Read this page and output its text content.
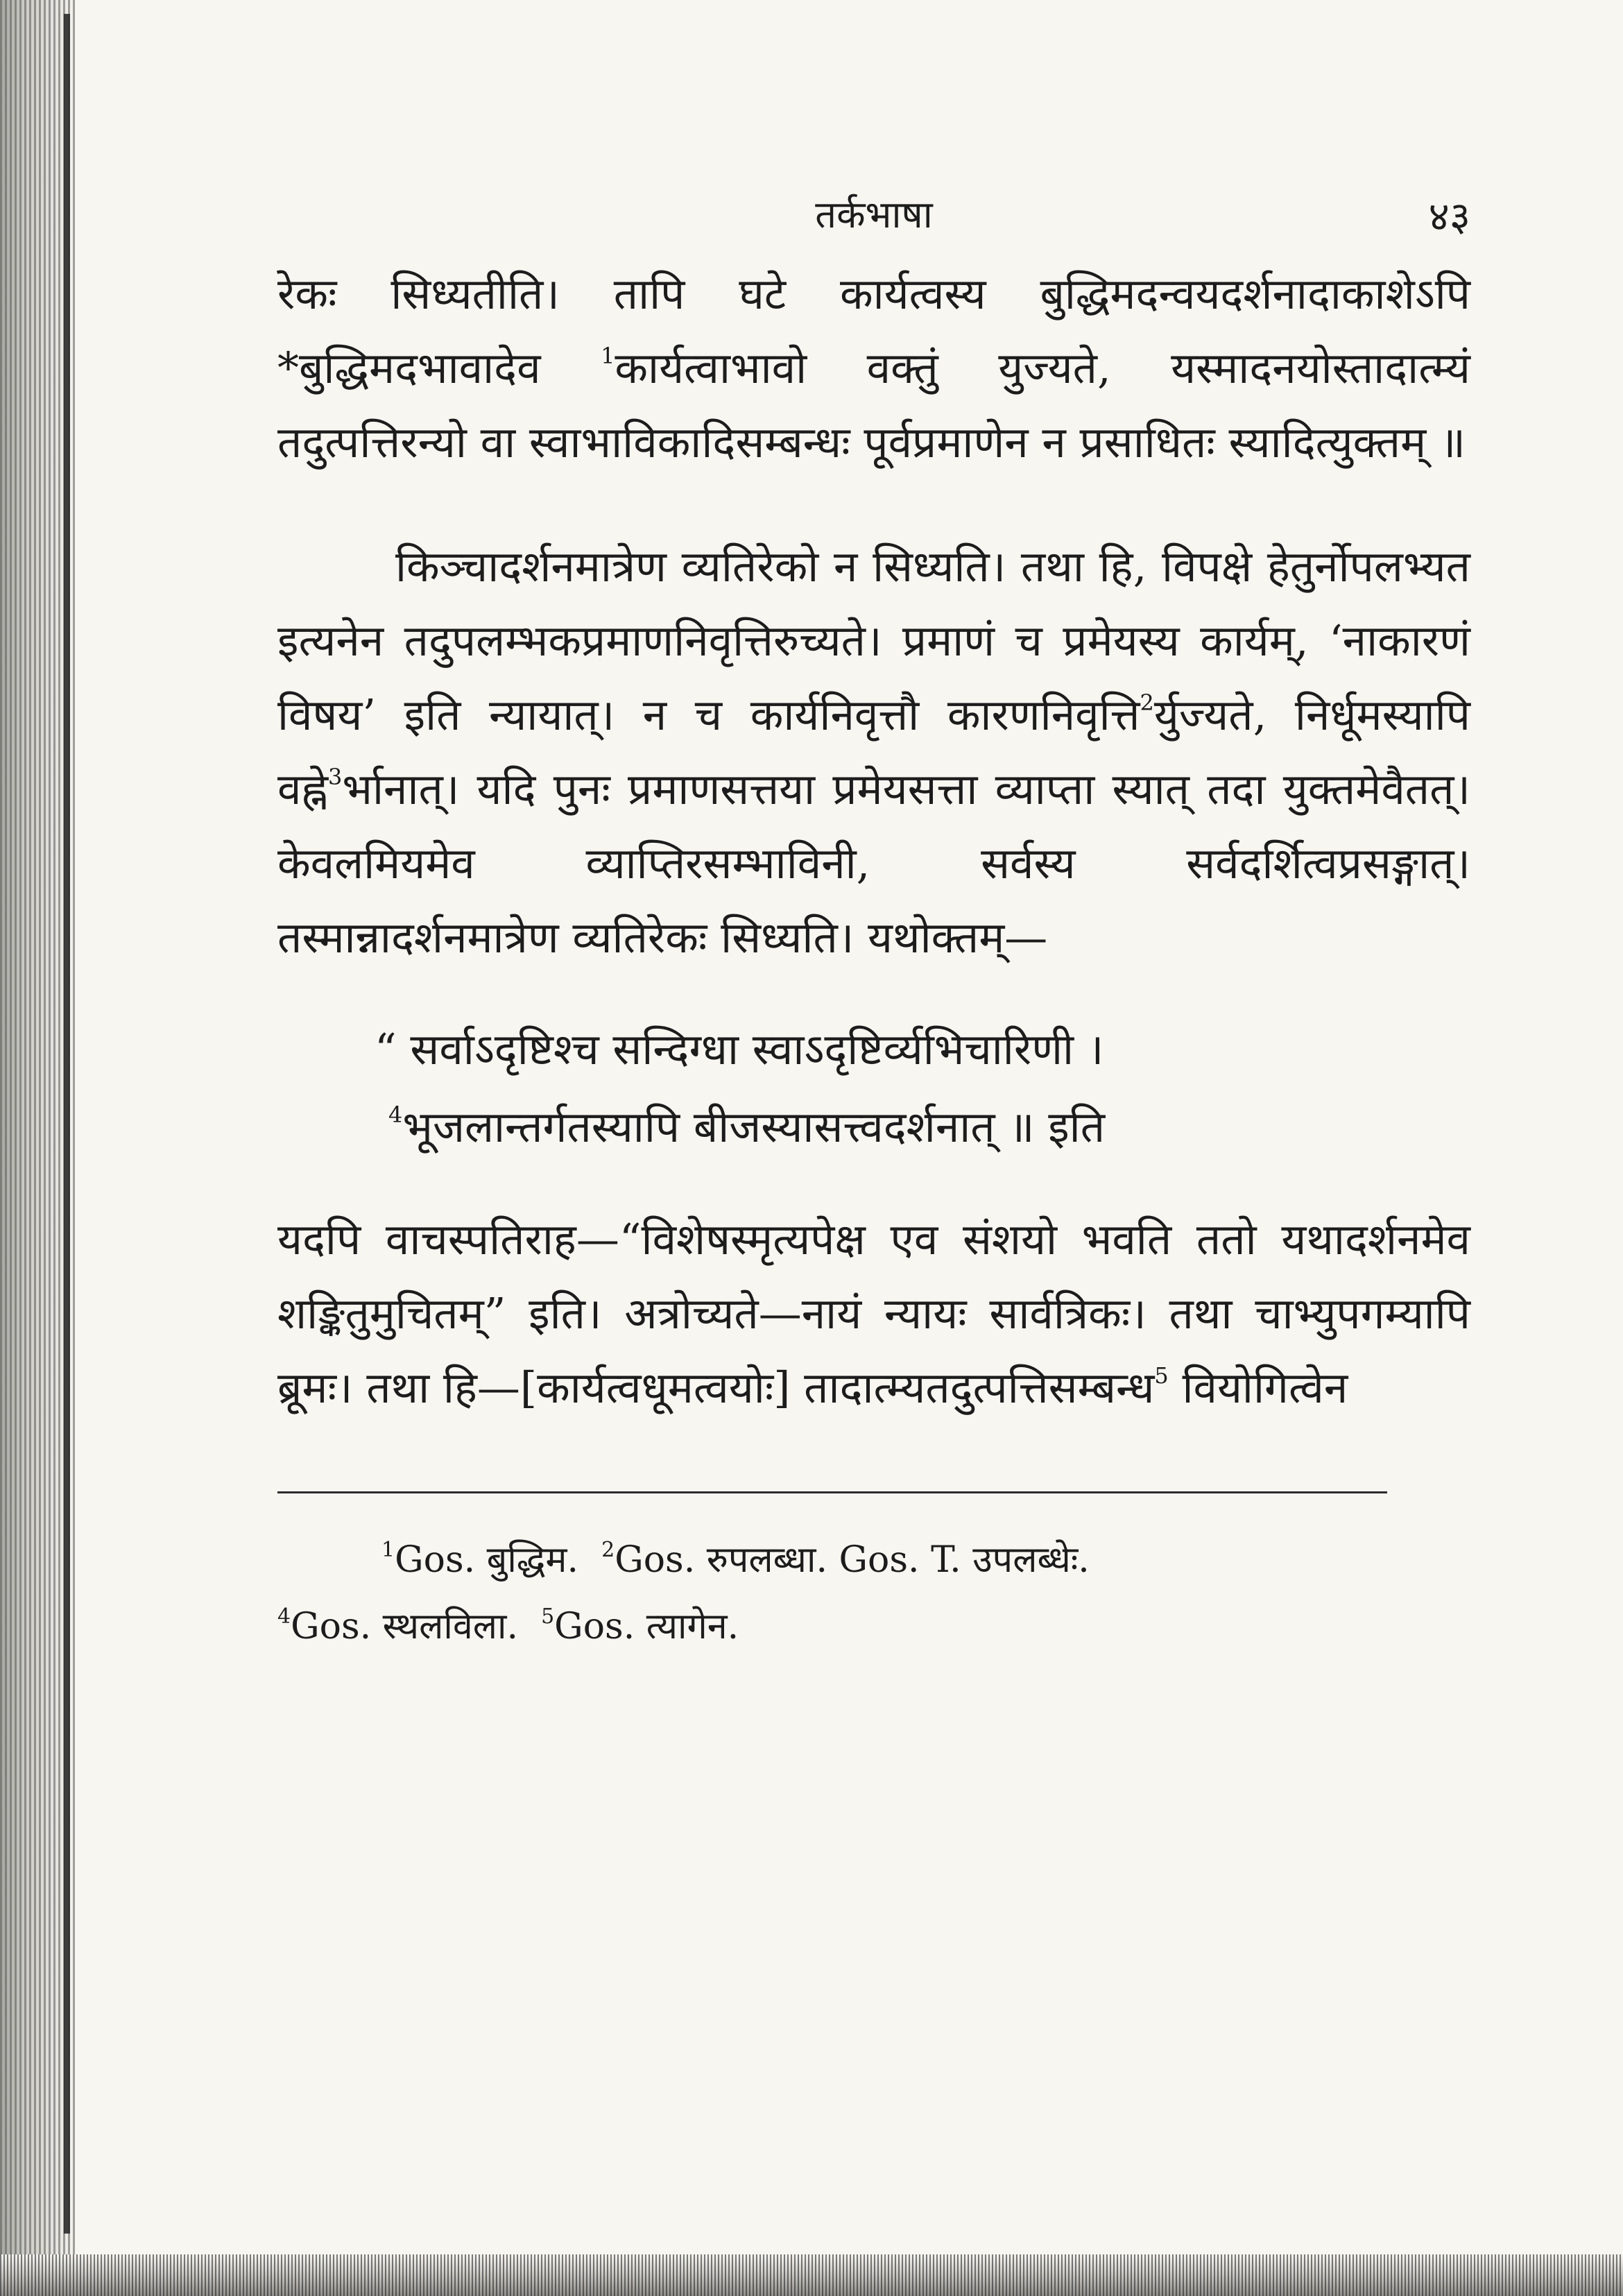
तर्कभाषा	४३

रेकः सिध्यतीति। तापि घटे कार्यत्वस्य बुद्धिमदन्वयदर्शनादाकाशेऽपि *बुद्धिमदभावादेव $^1$कार्यत्वाभावो वक्तुं युज्यते, यस्मादनयोस्तादात्म्यं तदुत्पत्तिरन्यो वा स्वाभाविकादिसम्बन्धः पूर्वप्रमाणेन न प्रसाधितः स्यादित्युक्तम् ॥

किञ्चादर्शनमात्रेण व्यतिरेको न सिध्यति। तथा हि, विपक्षे हेतुर्नोपलभ्यत इत्यनेन तदुपलम्भकप्रमाणनिवृत्तिरुच्यते। प्रमाणं च प्रमेयस्य कार्यम्, ‘नाकारणं विषय’ इति न्यायात्। न च कार्यनिवृत्तौ कारणनिवृत्ति$^2$र्युज्यते, निर्धूमस्यापि वह्ने$^3$र्भानात्। यदि पुनः प्रमाणसत्तया प्रमेयसत्ता व्याप्ता स्यात् तदा युक्तमेवैतत्। केवलमियमेव व्याप्तिरसम्भाविनी, सर्वस्य सर्वदर्शित्वप्रसङ्गात्। तस्मान्नादर्शनमात्रेण व्यतिरेकः सिध्यति। यथोक्तम्—

“ सर्वाऽदृष्टिश्च सन्दिग्धा स्वाऽदृष्टिर्व्यभिचारिणी ।
$^4$भूजलान्तर्गतस्यापि बीजस्यासत्त्वदर्शनात् ॥ इति

यदपि वाचस्पतिराह—“विशेषस्मृत्यपेक्ष एव संशयो भवति ततो यथादर्शनमेव शङ्कितुमुचितम्” इति। अत्रोच्यते—नायं न्यायः सार्वत्रिकः। तथा चाभ्युपगम्यापि ब्रूमः। तथा हि—[कार्यत्वधूमत्वयोः] तादात्म्यतदुत्पत्तिसम्बन्ध$^5$ वियोगित्वेन

$^1$Gos. बुद्धिम. $^2$Gos. रुपलब्धा. Gos. T. उपलब्धेः.
$^4$Gos. स्थलविला. $^5$Gos. त्यागेन.
